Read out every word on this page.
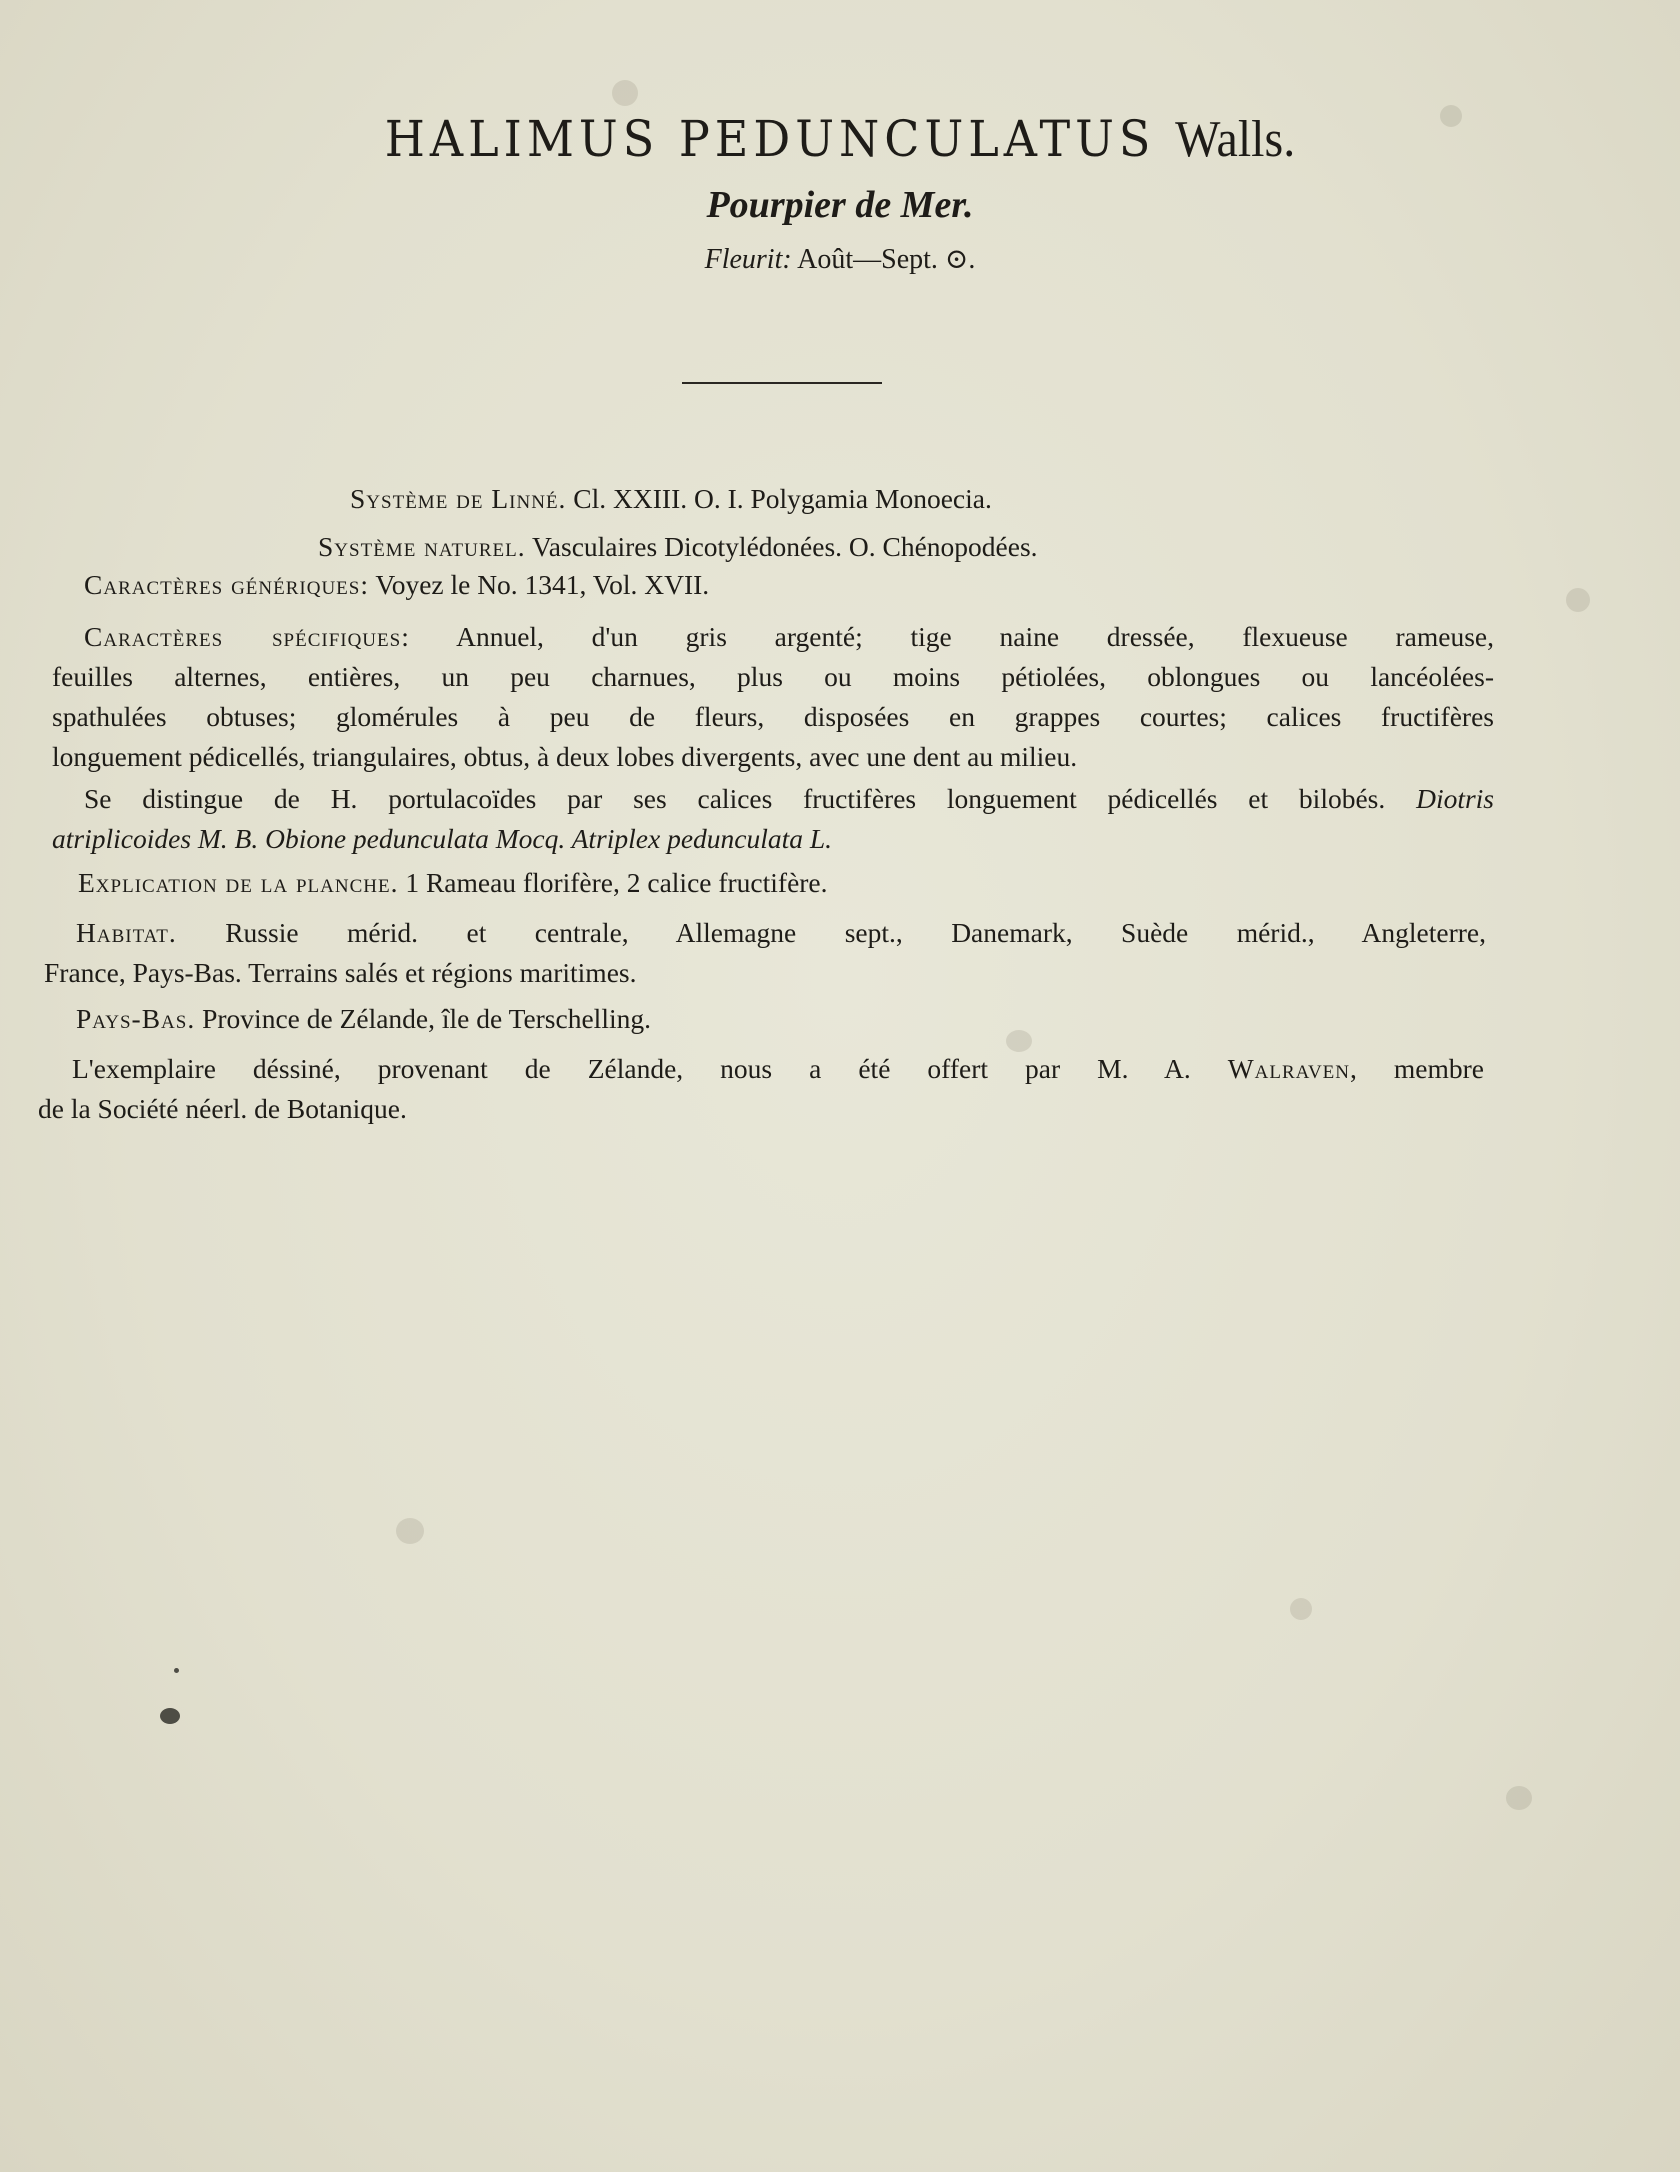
HALIMUS PEDUNCULATUS Walls.
Pourpier de Mer.
Fleurit: Août—Sept. ⊙.
Système de Linné. Cl. XXIII. O. I. Polygamia Monoecia.
Système naturel. Vasculaires Dicotylédonées. O. Chénopodées.
Caractères génériques: Voyez le No. 1341, Vol. XVII.
Caractères spécifiques: Annuel, d'un gris argenté; tige naine dressée, flexueuse rameuse,
feuilles alternes, entières, un peu charnues, plus ou moins pétiolées, oblongues ou lancéolées-
spathulées obtuses; glomérules à peu de fleurs, disposées en grappes courtes; calices fructifères
longuement pédicellés, triangulaires, obtus, à deux lobes divergents, avec une dent au milieu.
Se distingue de H. portulacoïdes par ses calices fructifères longuement pédicellés et bilobés. Diotris
atriplicoides M. B. Obione pedunculata Mocq. Atriplex pedunculata L.
Explication de la planche. 1 Rameau florifère, 2 calice fructifère.
Habitat. Russie mérid. et centrale, Allemagne sept., Danemark, Suède mérid., Angleterre,
France, Pays-Bas. Terrains salés et régions maritimes.
Pays-Bas. Province de Zélande, île de Terschelling.
L'exemplaire déssiné, provenant de Zélande, nous a été offert par M. A. Walraven, membre
de la Société néerl. de Botanique.
